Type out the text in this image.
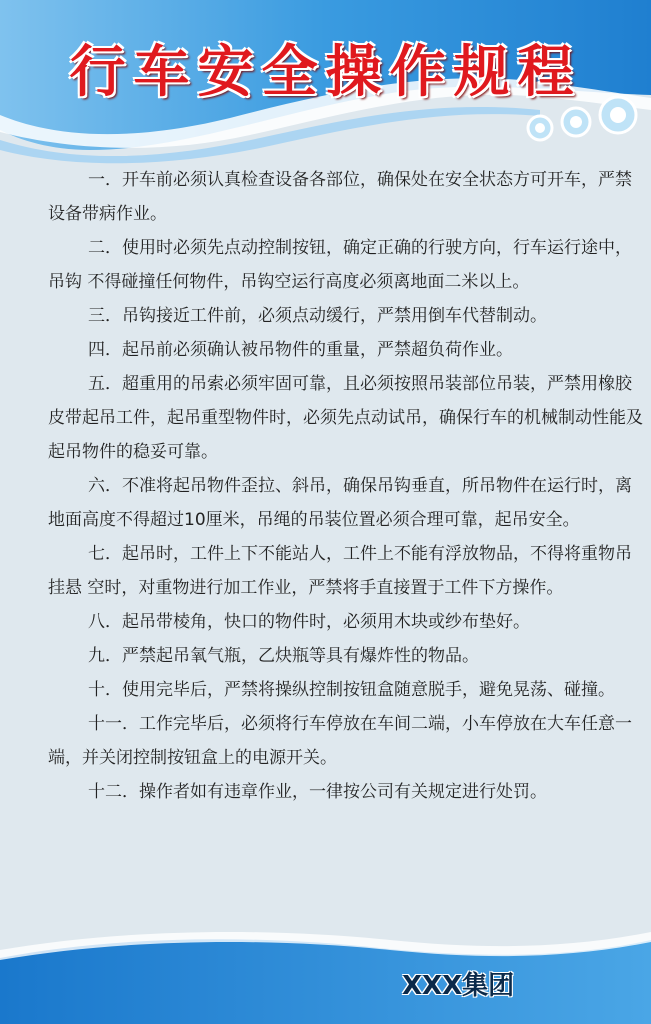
行车安全操作规程

一．开车前必须认真检查设备各部位，确保处在安全状态方可开车，严禁设备带病作业。

二．使用时必须先点动控制按钮，确定正确的行驶方向，行车运行途中，吊钩 不得碰撞任何物件，吊钩空运行高度必须离地面二米以上。

三．吊钩接近工件前，必须点动缓行，严禁用倒车代替制动。

四．起吊前必须确认被吊物件的重量，严禁超负荷作业。

五．超重用的吊索必须牢固可靠，且必须按照吊装部位吊装，严禁用橡胶皮带起吊工件，起吊重型物件时，必须先点动试吊，确保行车的机械制动性能及起吊物件的稳妥可靠。

六．不准将起吊物件歪拉、斜吊，确保吊钩垂直，所吊物件在运行时，离地面高度不得超过10厘米，吊绳的吊装位置必须合理可靠，起吊安全。

七．起吊时，工件上下不能站人，工件上不能有浮放物品，不得将重物吊挂悬 空时，对重物进行加工作业，严禁将手直接置于工件下方操作。

八．起吊带棱角，快口的物件时，必须用木块或纱布垫好。

九．严禁起吊氧气瓶，乙炔瓶等具有爆炸性的物品。

十．使用完毕后，严禁将操纵控制按钮盒随意脱手，避免晃荡、碰撞。

十一．工作完毕后，必须将行车停放在车间二端，小车停放在大车任意一端，并关闭控制按钮盒上的电源开关。

十二．操作者如有违章作业，一律按公司有关规定进行处罚。

XXX集团
